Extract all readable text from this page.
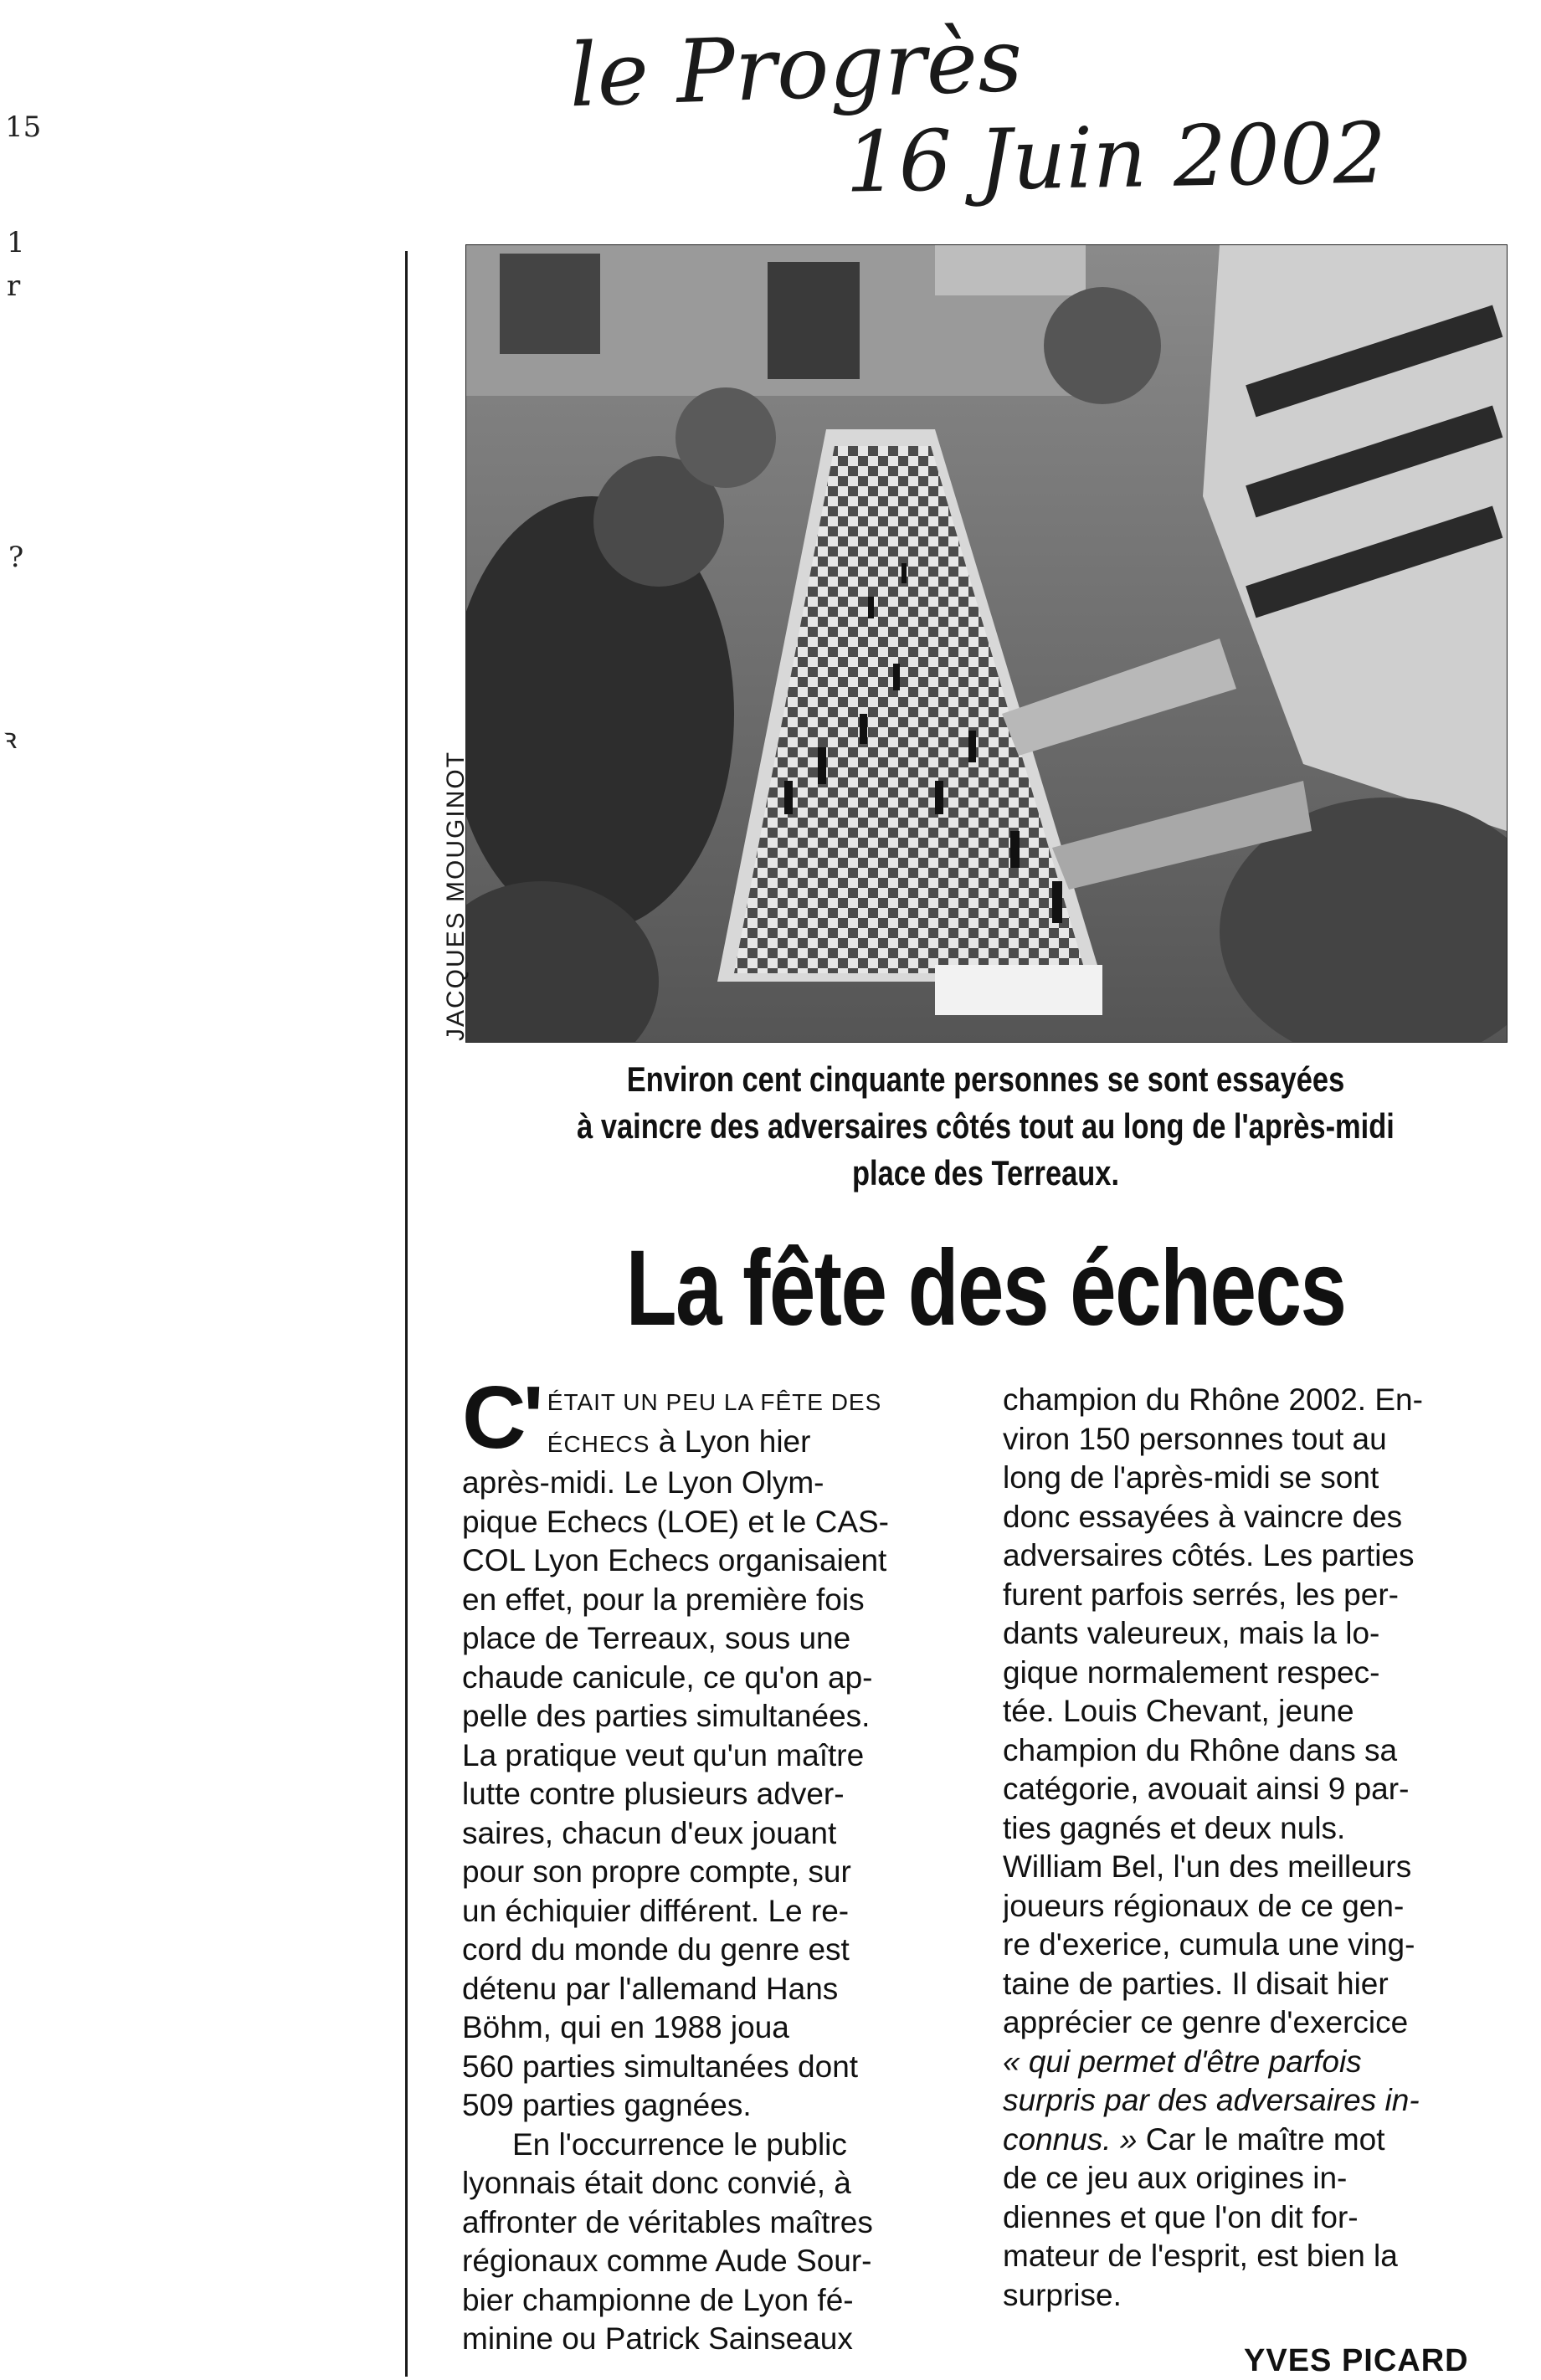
le Progrès
16 Juin 2002
15
1
r
?
ꝛ
JACQUES MOUGINOT
Environ cent cinquante personnes se sont essayées
à vaincre des adversaires côtés tout au long de l'après-midi
place des Terreaux.
La fête des échecs
C' ÉTAIT UN PEU LA FÊTE DES
ÉCHECS à Lyon hier
après-midi. Le Lyon Olym-
pique Echecs (LOE) et le CAS-
COL Lyon Echecs organisaient
en effet, pour la première fois
place de Terreaux, sous une
chaude canicule, ce qu'on ap-
pelle des parties simultanées.
La pratique veut qu'un maître
lutte contre plusieurs adver-
saires, chacun d'eux jouant
pour son propre compte, sur
un échiquier différent. Le re-
cord du monde du genre est
détenu par l'allemand Hans
Böhm, qui en 1988 joua
560 parties simultanées dont
509 parties gagnées.
En l'occurrence le public
lyonnais était donc convié, à
affronter de véritables maîtres
régionaux comme Aude Sour-
bier championne de Lyon fé-
minine ou Patrick Sainseaux
champion du Rhône 2002. En-
viron 150 personnes tout au
long de l'après-midi se sont
donc essayées à vaincre des
adversaires côtés. Les parties
furent parfois serrés, les per-
dants valeureux, mais la lo-
gique normalement respec-
tée. Louis Chevant, jeune
champion du Rhône dans sa
catégorie, avouait ainsi 9 par-
ties gagnés et deux nuls.
William Bel, l'un des meilleurs
joueurs régionaux de ce gen-
re d'exerice, cumula une ving-
taine de parties. Il disait hier
apprécier ce genre d'exercice
« qui permet d'être parfois
surpris par des adversaires in-
connus. » Car le maître mot
de ce jeu aux origines in-
diennes et que l'on dit for-
mateur de l'esprit, est bien la
surprise.
YVES PICARD
